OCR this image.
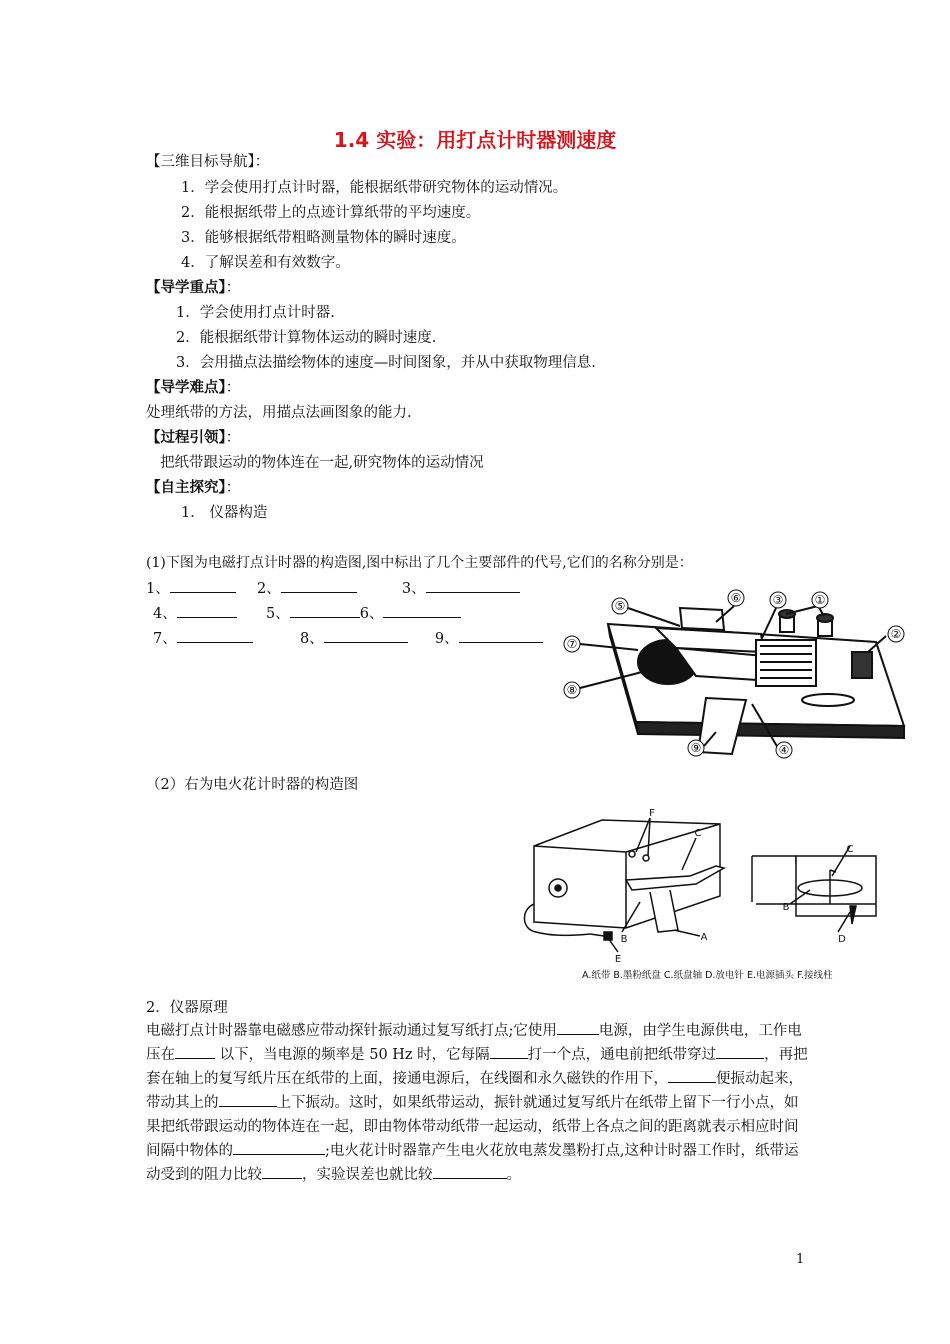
1.4 实验：用打点计时器测速度
【三维目标导航】：
1．学会使用打点计时器，能根据纸带研究物体的运动情况。
2．能根据纸带上的点迹计算纸带的平均速度。
3．能够根据纸带粗略测量物体的瞬时速度。
4．了解误差和有效数字。
【导学重点】：
1．学会使用打点计时器.
2．能根据纸带计算物体运动的瞬时速度.
3．会用描点法描绘物体的速度—时间图象，并从中获取物理信息.
【导学难点】：
处理纸带的方法，用描点法画图象的能力.
【过程引领】：
把纸带跟运动的物体连在一起,研究物体的运动情况
【自主探究】：
1． 仪器构造
(1)下图为电磁打点计时器的构造图,图中标出了几个主要部件的代号,它们的名称分别是：
1、	2、	3、
4、	5、	6、
7、	8、	9、
①
②
③
④
⑤
⑥
⑦
⑧
⑨
（2）右为电火花计时器的构造图
F
C
B	A
E
C
B
D
A.纸带 B.墨粉纸盘 C.纸盘轴 D.放电针 E.电源插头 F.接线柱
2．仪器原理
电磁打点计时器靠电磁感应带动探针振动通过复写纸打点;它使用	电源，由学生电源供电，工作电压在	以下，当电源的频率是 50 Hz 时，它每隔	打一个点，通电前把纸带穿过	，再把套在轴上的复写纸片压在纸带的上面，接通电源后，在线圈和永久磁铁的作用下，	便振动起来，带动其上的	上下振动。这时，如果纸带运动，振针就通过复写纸片在纸带上留下一行小点，如果把纸带跟运动的物体连在一起，即由物体带动纸带一起运动，纸带上各点之间的距离就表示相应时间间隔中物体的	;电火花计时器靠产生电火花放电蒸发墨粉打点,这种计时器工作时，纸带运动受到的阻力比较	，实验误差也就比较	。
1
